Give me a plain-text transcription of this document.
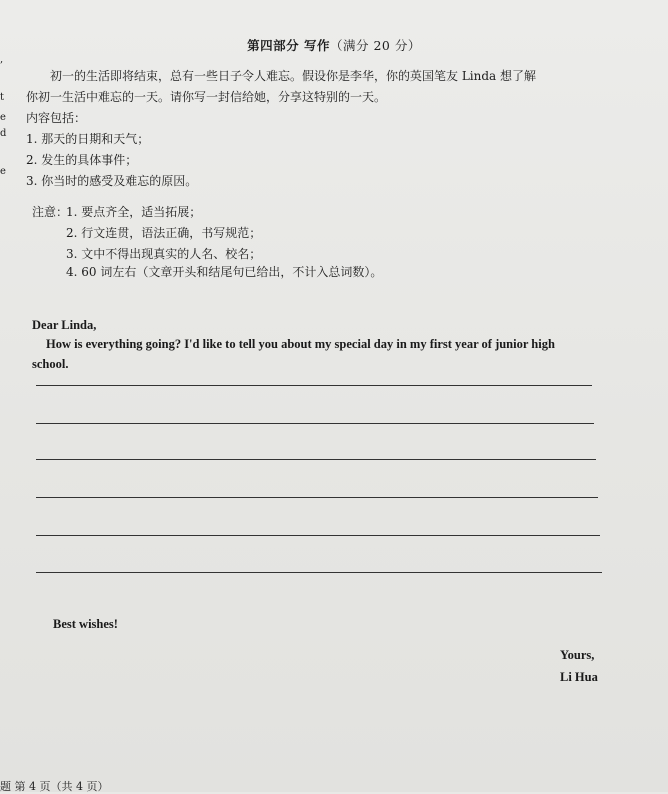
,
t
e
d
e
第四部分 写作（满分 20 分）
初一的生活即将结束，总有一些日子令人难忘。假设你是李华，你的英国笔友 Linda 想了解
你初一生活中难忘的一天。请你写一封信给她，分享这特别的一天。
内容包括：
1. 那天的日期和天气；
2. 发生的具体事件；
3. 你当时的感受及难忘的原因。
注意：
1. 要点齐全，适当拓展；
2. 行文连贯，语法正确，书写规范；
3. 文中不得出现真实的人名、校名；
4. 60 词左右（文章开头和结尾句已给出，不计入总词数）。
Dear Linda,
How is everything going? I'd like to tell you about my special day in my first year of junior high
school.
Best wishes!
Yours,
Li Hua
题 第 4 页（共 4 页）
